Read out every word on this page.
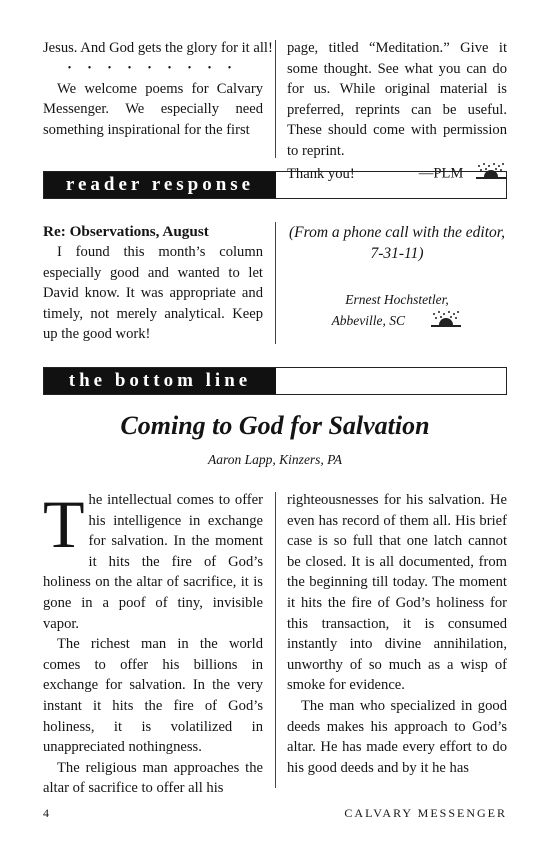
Jesus. And God gets the glory for it all!

• • • • • • • • •

We welcome poems for Calvary Messenger. We especially need something inspirational for the first

page, titled “Meditation.” Give it some thought. See what you can do for us. While original material is preferred, reprints can be useful. These should come with permission to reprint.

Thank you!	—PLM

reader response

Re: Observations, August

I found this month’s column especially good and wanted to let David know. It was appropriate and timely, not merely analytical. Keep up the good work!

(From a phone call with the editor, 7-31-11)

Ernest Hochstetler,

Abbeville, SC

the bottom line
Coming to God for Salvation
Aaron Lapp, Kinzers, PA

The intellectual comes to offer his intelligence in exchange for salvation. In the moment it hits the fire of God’s holiness on the altar of sacrifice, it is gone in a poof of tiny, invisible vapor.

The richest man in the world comes to offer his billions in exchange for salvation. In the very instant it hits the fire of God’s holiness, it is volatilized in unappreciated nothingness.

The religious man approaches the altar of sacrifice to offer all his

righteousnesses for his salvation. He even has record of them all. His brief case is so full that one latch cannot be closed. It is all documented, from the beginning till today. The moment it hits the fire of God’s holiness for this transaction, it is consumed instantly into divine annihilation, unworthy of so much as a wisp of smoke for evidence.

The man who specialized in good deeds makes his approach to God’s altar. He has made every effort to do his good deeds and by it he has

4	CALVARY MESSENGER
